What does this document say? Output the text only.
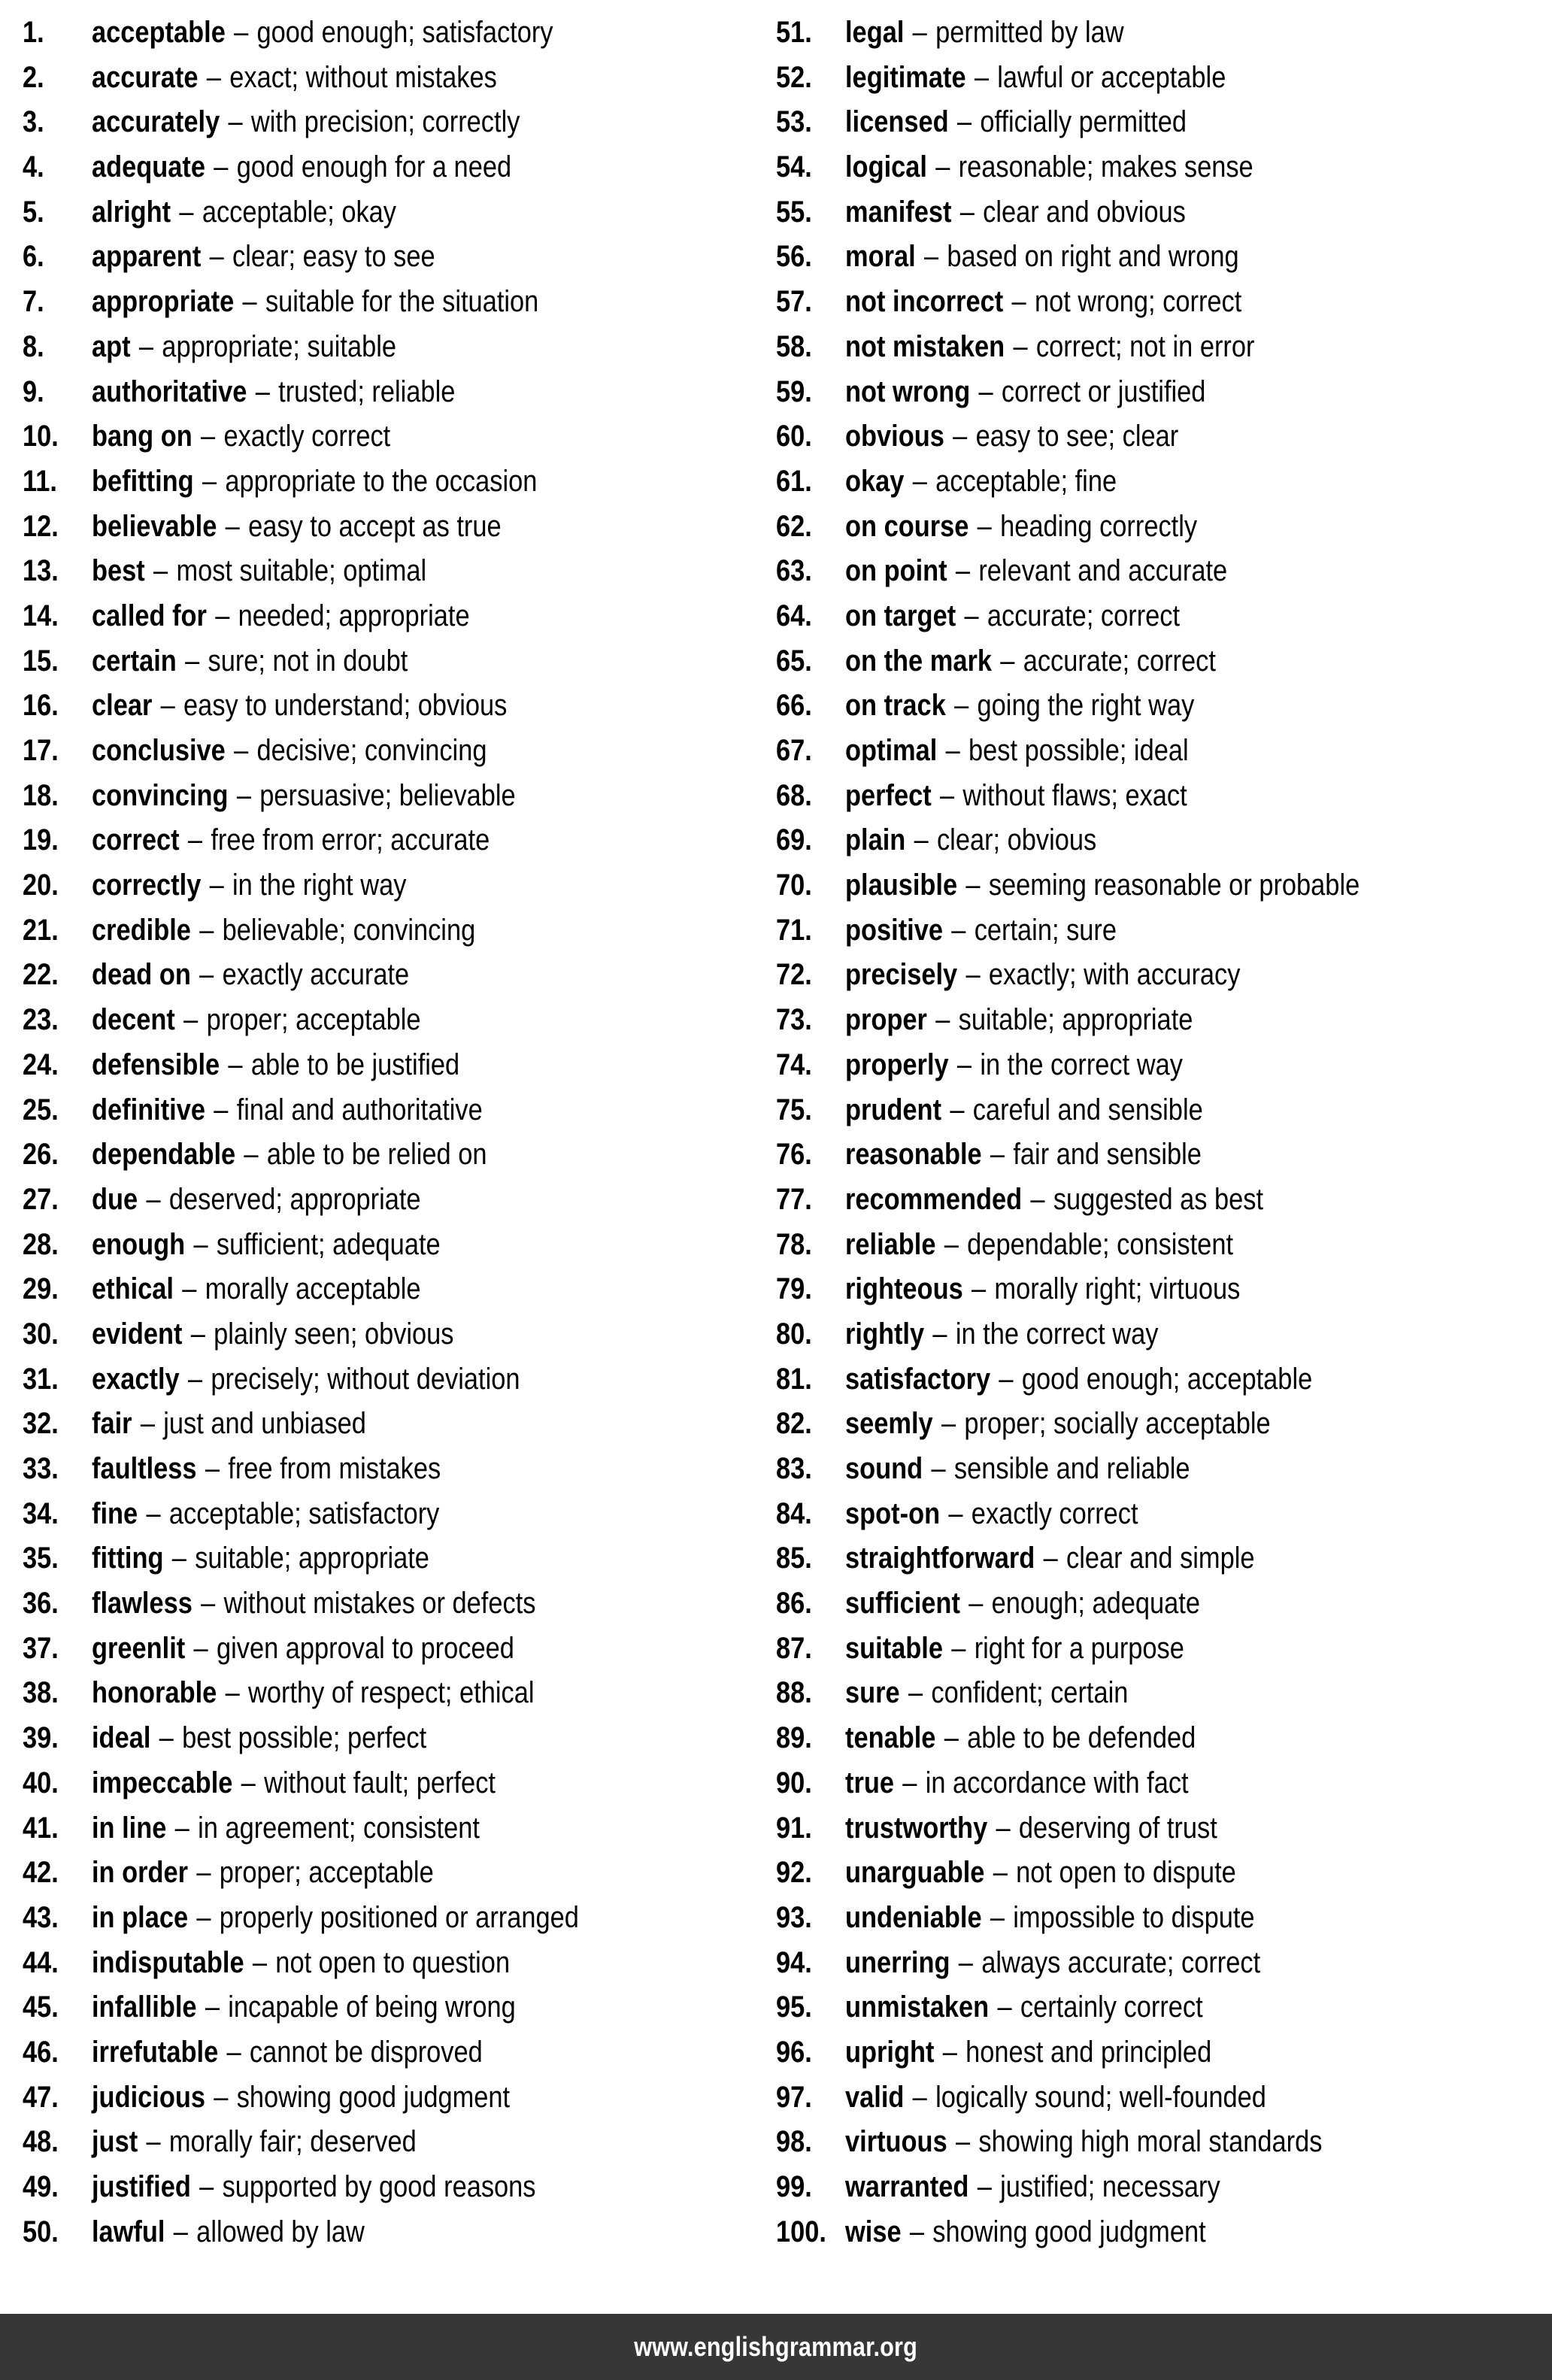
1.	acceptable – good enough; satisfactory
2.	accurate – exact; without mistakes
3.	accurately – with precision; correctly
4.	adequate – good enough for a need
5.	alright – acceptable; okay
6.	apparent – clear; easy to see
7.	appropriate – suitable for the situation
8.	apt – appropriate; suitable
9.	authoritative – trusted; reliable
10.	bang on – exactly correct
11.	befitting – appropriate to the occasion
12.	believable – easy to accept as true
13.	best – most suitable; optimal
14.	called for – needed; appropriate
15.	certain – sure; not in doubt
16.	clear – easy to understand; obvious
17.	conclusive – decisive; convincing
18.	convincing – persuasive; believable
19.	correct – free from error; accurate
20.	correctly – in the right way
21.	credible – believable; convincing
22.	dead on – exactly accurate
23.	decent – proper; acceptable
24.	defensible – able to be justified
25.	definitive – final and authoritative
26.	dependable – able to be relied on
27.	due – deserved; appropriate
28.	enough – sufficient; adequate
29.	ethical – morally acceptable
30.	evident – plainly seen; obvious
31.	exactly – precisely; without deviation
32.	fair – just and unbiased
33.	faultless – free from mistakes
34.	fine – acceptable; satisfactory
35.	fitting – suitable; appropriate
36.	flawless – without mistakes or defects
37.	greenlit – given approval to proceed
38.	honorable – worthy of respect; ethical
39.	ideal – best possible; perfect
40.	impeccable – without fault; perfect
41.	in line – in agreement; consistent
42.	in order – proper; acceptable
43.	in place – properly positioned or arranged
44.	indisputable – not open to question
45.	infallible – incapable of being wrong
46.	irrefutable – cannot be disproved
47.	judicious – showing good judgment
48.	just – morally fair; deserved
49.	justified – supported by good reasons
50.	lawful – allowed by law
51.	legal – permitted by law
52.	legitimate – lawful or acceptable
53.	licensed – officially permitted
54.	logical – reasonable; makes sense
55.	manifest – clear and obvious
56.	moral – based on right and wrong
57.	not incorrect – not wrong; correct
58.	not mistaken – correct; not in error
59.	not wrong – correct or justified
60.	obvious – easy to see; clear
61.	okay – acceptable; fine
62.	on course – heading correctly
63.	on point – relevant and accurate
64.	on target – accurate; correct
65.	on the mark – accurate; correct
66.	on track – going the right way
67.	optimal – best possible; ideal
68.	perfect – without flaws; exact
69.	plain – clear; obvious
70.	plausible – seeming reasonable or probable
71.	positive – certain; sure
72.	precisely – exactly; with accuracy
73.	proper – suitable; appropriate
74.	properly – in the correct way
75.	prudent – careful and sensible
76.	reasonable – fair and sensible
77.	recommended – suggested as best
78.	reliable – dependable; consistent
79.	righteous – morally right; virtuous
80.	rightly – in the correct way
81.	satisfactory – good enough; acceptable
82.	seemly – proper; socially acceptable
83.	sound – sensible and reliable
84.	spot-on – exactly correct
85.	straightforward – clear and simple
86.	sufficient – enough; adequate
87.	suitable – right for a purpose
88.	sure – confident; certain
89.	tenable – able to be defended
90.	true – in accordance with fact
91.	trustworthy – deserving of trust
92.	unarguable – not open to dispute
93.	undeniable – impossible to dispute
94.	unerring – always accurate; correct
95.	unmistaken – certainly correct
96.	upright – honest and principled
97.	valid – logically sound; well-founded
98.	virtuous – showing high moral standards
99.	warranted – justified; necessary
100. wise – showing good judgment
www.englishgrammar.org
